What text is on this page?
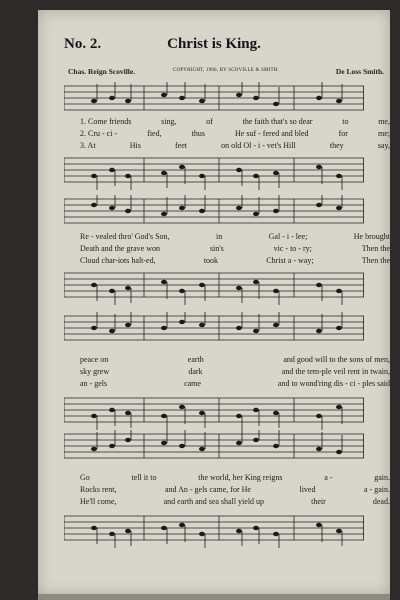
No. 2.	Christ is King.
Chas. Reign Scoville.	COPYRIGHT, 1906, BY SCOVILLE & SMITH.	De Loss Smith.
1. Come friends	sing,	of	the faith that's so dear	to	me,
2. Cru - ci -	fied,	thus	He suf - fered and bled	for	me;
3. At	His	feet	on old Ol - i - vet's Hill	they	say,
Re - vealed thro' God's Son,	in	Gal - i - lee;	He brought
Death and the grave won	sin's	vic - to - ry;	Then the
Cloud char-iots halt-ed,	took	Christ a - way;	Then the
peace on	earth	and good will to the sons of men,
sky grew	dark	and the tem-ple veil rent in twain,
an - gels	came	and to wond'ring dis - ci - ples said
Go	tell it to	the world, her King reigns	a -	gain.
Rocks rent,	and An - gels came, for He	lived	a - gain.
He'll come,	and earth and sea shall yield up	their	dead.
